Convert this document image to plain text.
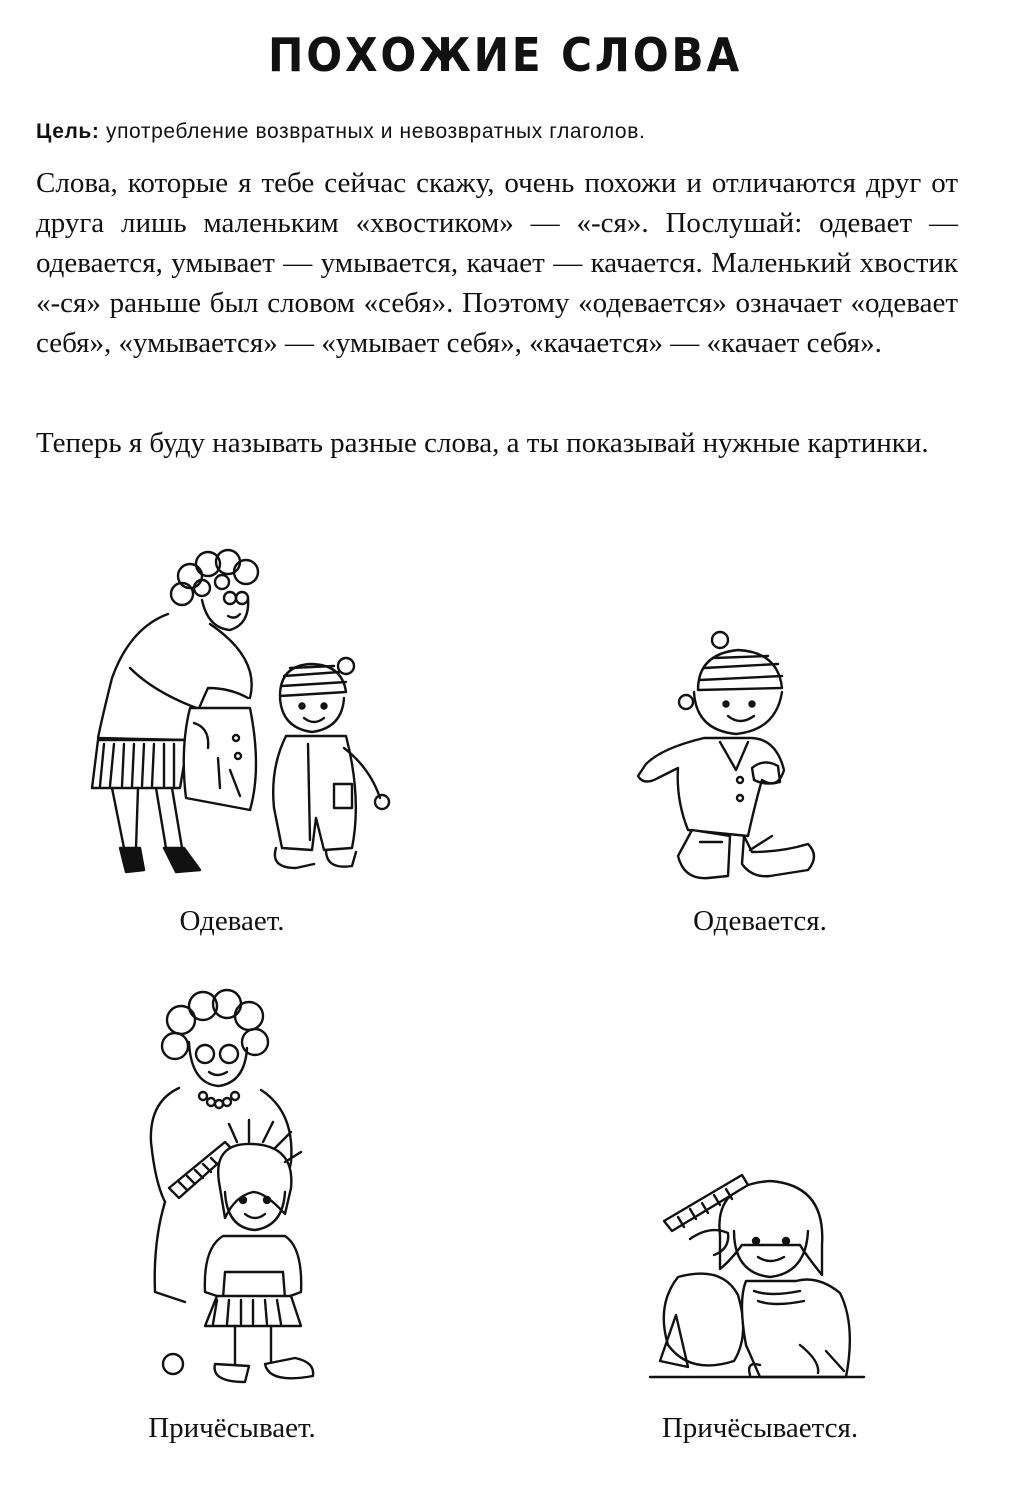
ПОХОЖИЕ СЛОВА
Цель: употребление возвратных и невозвратных глаголов.
Слова, которые я тебе сейчас скажу, очень похожи и отличаются друг от друга лишь маленьким «хвостиком» — «-ся». Послушай: одевает — одевается, умывает — умывается, качает — качается. Маленький хвостик «-ся» раньше был словом «себя». Поэтому «одевается» означает «одевает себя», «умывается» — «умывает себя», «качается» — «качает себя».
Теперь я буду называть разные слова, а ты показывай нужные картинки.
Одевает.	Одевается.
Причёсывает.	Причёсывается.
